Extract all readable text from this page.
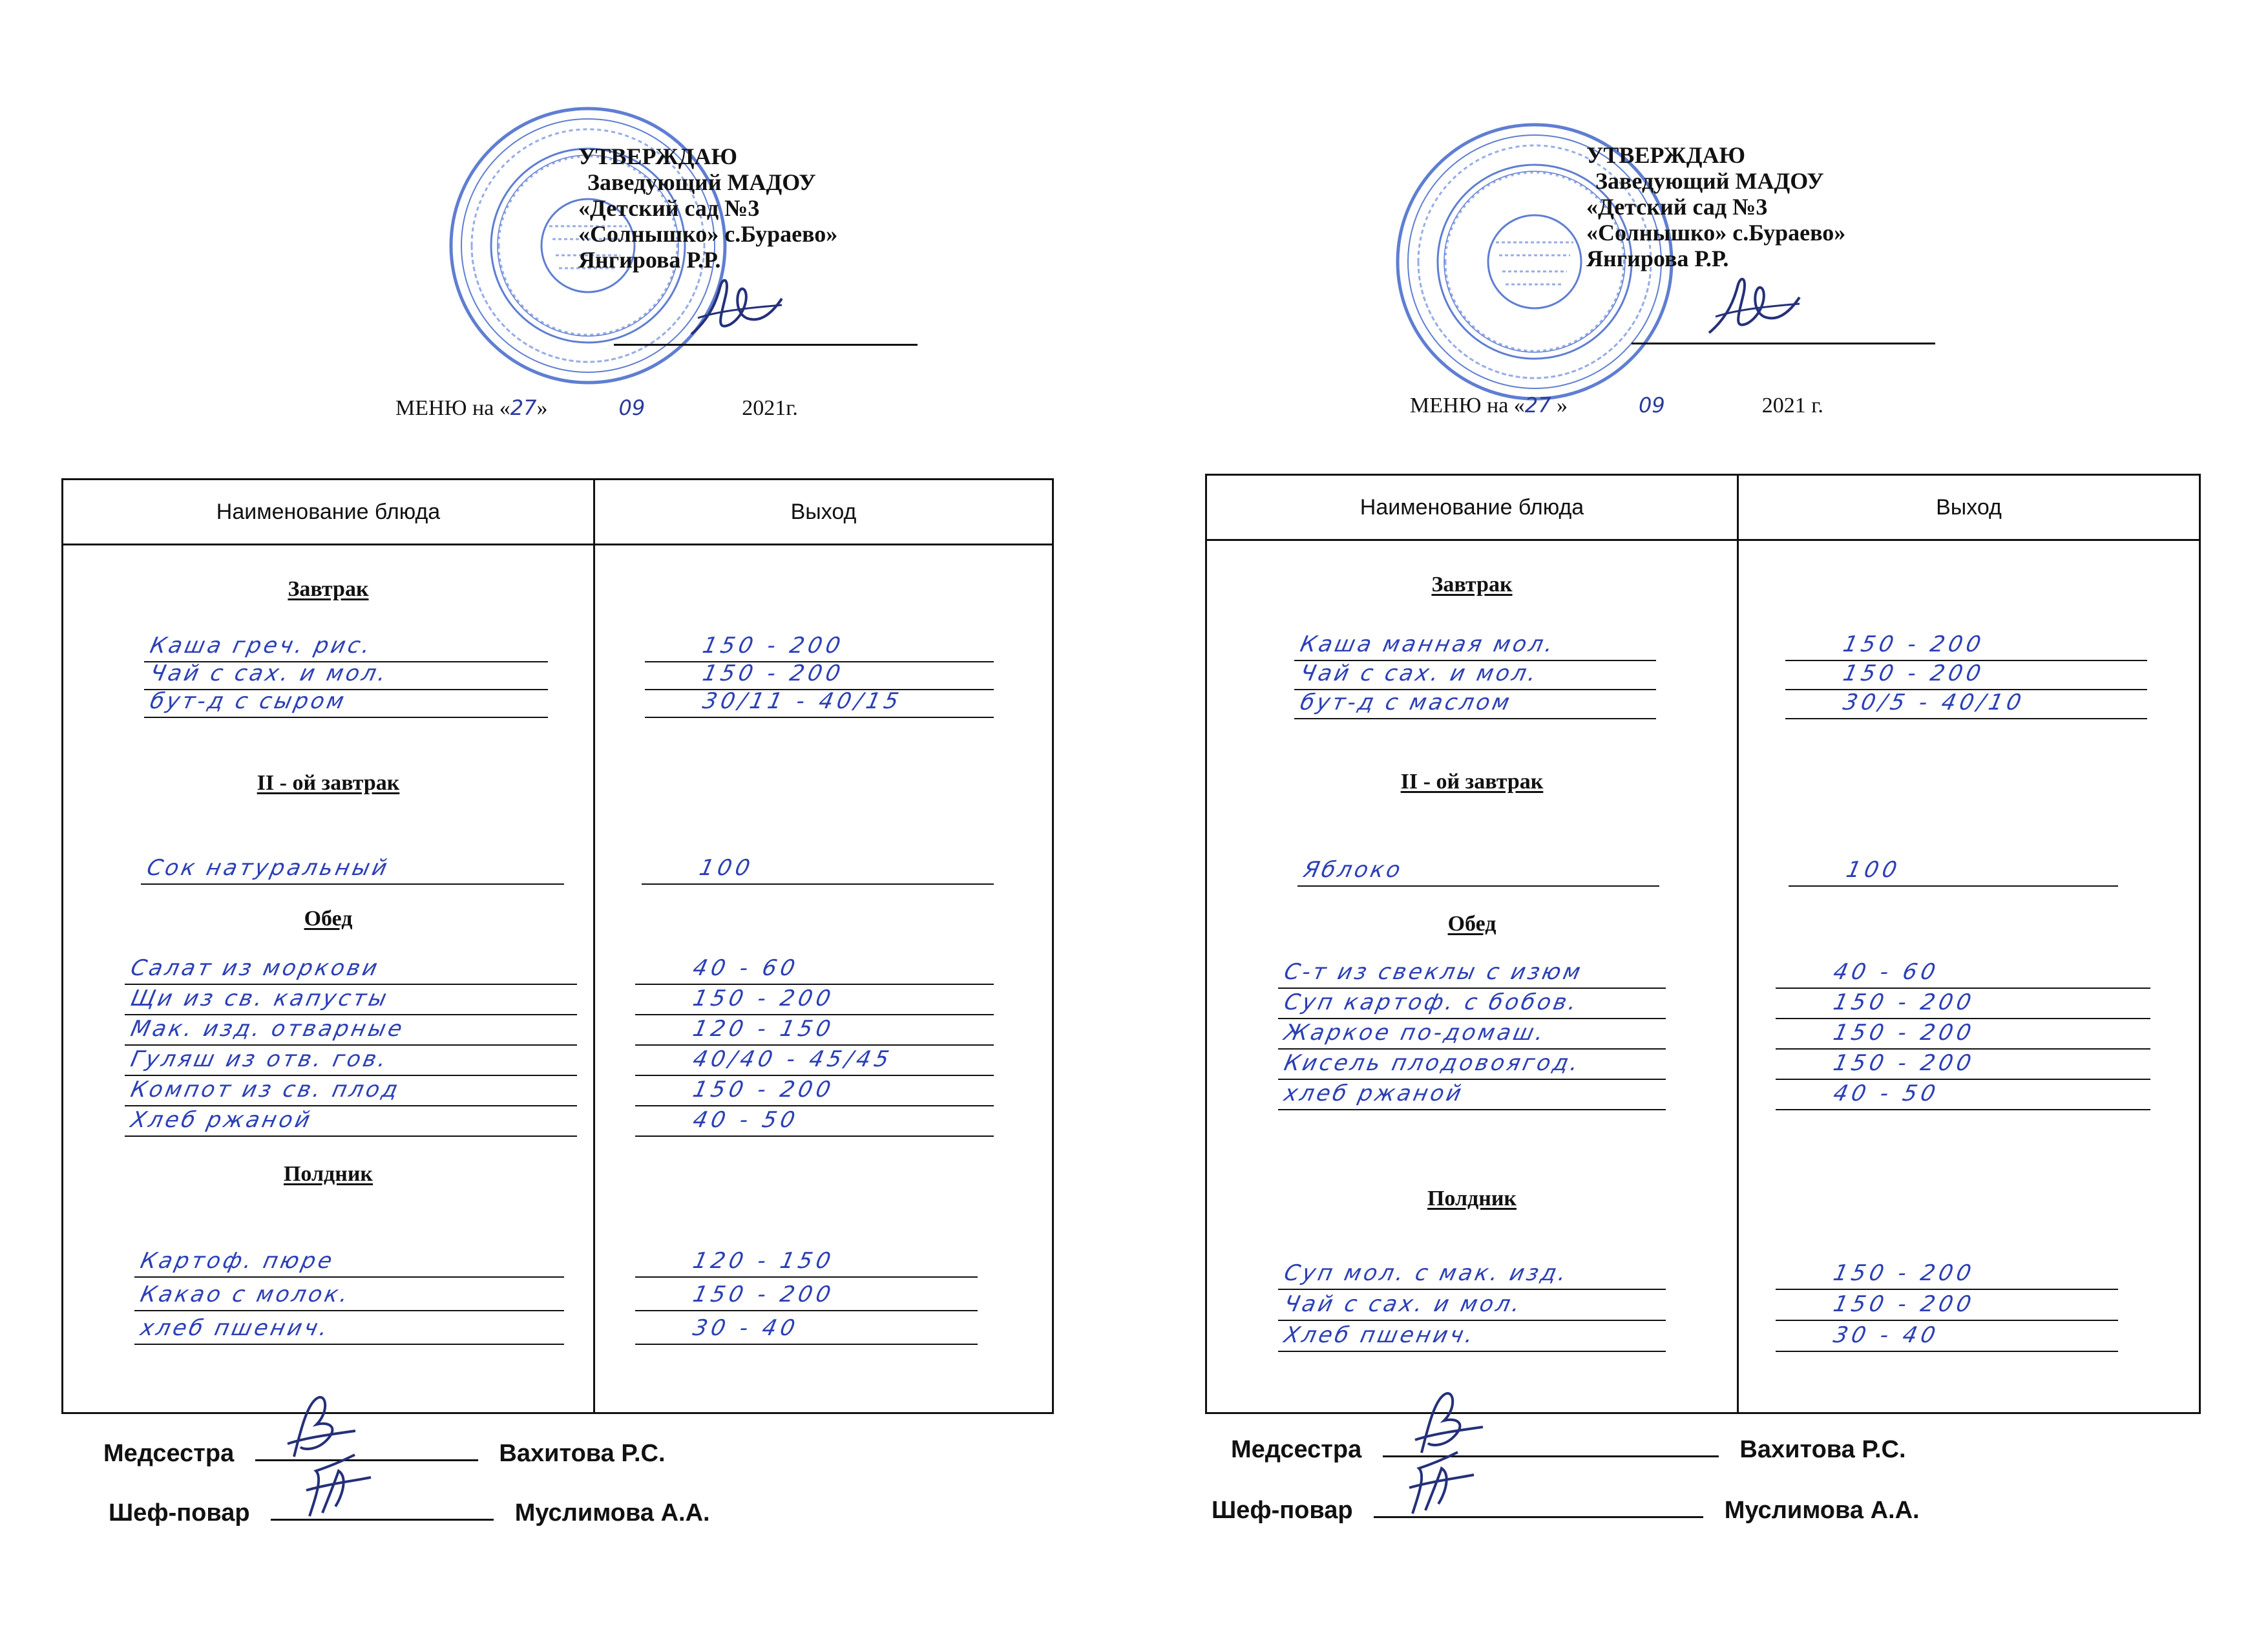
УТВЕРЖДАЮ
Заведующий МАДОУ
«Детский сад №3
«Солнышко» с.Бураево»
Янгирова Р.Р.
МЕНЮ на «27»	09	2021г.
Наименование блюда	Выход
Завтрак
II - ой завтрак
Обед
Полдник
Каша греч. рис.	150 - 200
Чай с сах. и мол.	150 - 200
бут-д с сыром	30/11 - 40/15
Сок натуральный	100
Салат из моркови	40 - 60
Щи из св. капусты	150 - 200
Мак. изд. отварные	120 - 150
Гуляш из отв. гов.	40/40 - 45/45
Компот из св. плод	150 - 200
Хлеб ржаной	40 - 50
Картоф. пюре	120 - 150
Какао с молок.	150 - 200
хлеб пшенич.	30 - 40
Медсестра	Вахитова Р.С.
Шеф-повар	Муслимова А.А.
УТВЕРЖДАЮ
Заведующий МАДОУ
«Детский сад №3
«Солнышко» с.Бураево»
Янгирова Р.Р.
МЕНЮ на «27 »	09	2021 г.
Наименование блюда	Выход
Завтрак
II - ой завтрак
Обед
Полдник
Каша манная мол.	150 - 200
Чай с сах. и мол.	150 - 200
бут-д с маслом	30/5 - 40/10
Яблоко	100
С-т из свеклы с изюм	40 - 60
Суп картоф. с бобов.	150 - 200
Жаркое по-домаш.	150 - 200
Кисель плодовоягод.	150 - 200
хлеб ржаной	40 - 50
Суп мол. с мак. изд.	150 - 200
Чай с сах. и мол.	150 - 200
Хлеб пшенич.	30 - 40
Медсестра	Вахитова Р.С.
Шеф-повар	Муслимова А.А.
